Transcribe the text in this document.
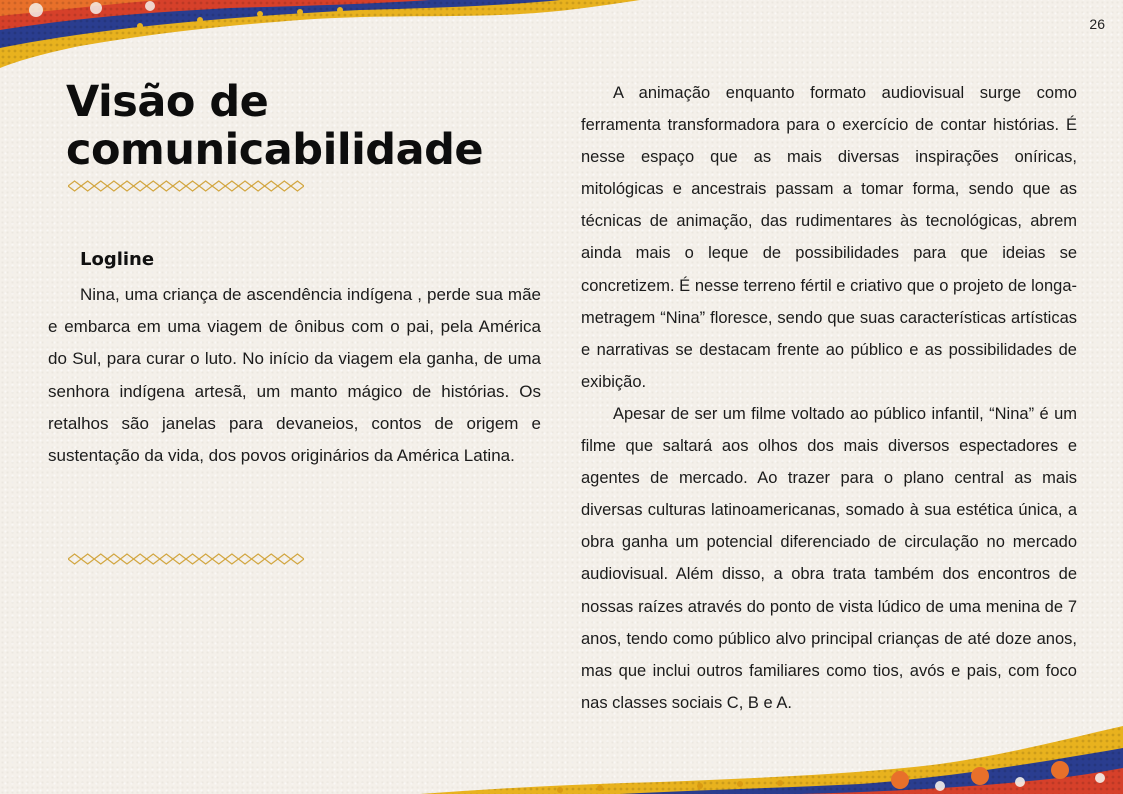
26
Visão de
comunicabilidade
Logline

Nina, uma criança de ascendência indígena , perde sua mãe e embarca em uma viagem de ônibus com o pai, pela América do Sul, para curar o luto. No início da viagem ela ganha, de uma senhora indígena artesã, um manto mágico de histórias. Os retalhos são janelas para devaneios, contos de origem e sustentação da vida, dos povos originários da América Latina.

A animação enquanto formato audiovisual surge como ferramenta transformadora para o exercício de contar histórias. É nesse espaço que as mais diversas inspirações oníricas, mitológicas e ancestrais passam a tomar forma, sendo que as técnicas de animação, das rudimentares às tecnológicas, abrem ainda mais o leque de possibilidades para que ideias se concretizem. É nesse terreno fértil e criativo que o projeto de longa-metragem “Nina” floresce, sendo que suas características artísticas e narrativas se destacam frente ao público e as possibilidades de exibição.

Apesar de ser um filme voltado ao público infantil, “Nina” é um filme que saltará aos olhos dos mais diversos espectadores e agentes de mercado. Ao trazer para o plano central as mais diversas culturas latinoamericanas, somado à sua estética única, a obra ganha um potencial diferenciado de circulação no mercado audiovisual. Além disso, a obra trata também dos encontros de nossas raízes através do ponto de vista lúdico de uma menina de 7 anos, tendo como público alvo principal crianças de até doze anos, mas que inclui outros familiares como tios, avós e pais, com foco nas classes sociais C, B e A.
